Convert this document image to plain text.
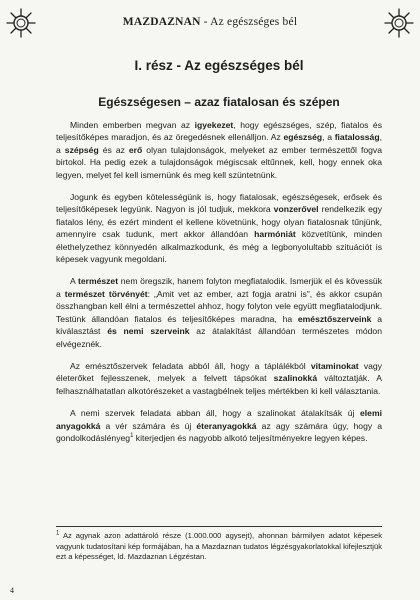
MAZDAZNAN - Az egészséges bél
I. rész - Az egészséges bél
Egészségesen – azaz fiatalosan és szépen

Minden emberben megvan az igyekezet, hogy egészséges, szép, fiatalos és teljesítőképes maradjon, és az öregedésnek ellenálljon. Az egészség, a fiatalosság, a szépség és az erő olyan tulajdonságok, melyeket az ember természettől fogva birtokol. Ha pedig ezek a tulajdonságok mégiscsak eltűnnek, kell, hogy ennek oka legyen, melyet fel kell ismernünk és meg kell szüntetnünk.

Jogunk és egyben kötelességünk is, hogy fiatalosak, egészségesek, erősek és teljesítőképesek legyünk. Nagyon is jól tudjuk, mekkora vonzerővel rendelkezik egy fiatalos lény, és ezért mindent el kellene követnünk, hogy olyan fiatalosnak tűnjünk, amennyire csak tudunk, mert akkor állandóan harmóniát közvetítünk, minden élethelyzethez könnyedén alkalmazkodunk, és még a legbonyolultabb szituációt is képesek vagyunk megoldani.

A természet nem öregszik, hanem folyton megfiatalodik. Ismerjük el és kövessük a természet törvényét: „Amit vet az ember, azt fogja aratni is", és akkor csupán összhangban kell élni a természettel ahhoz, hogy folyton vele együtt megfiatalodjunk. Testünk állandóan fiatalos és teljesítőképes maradna, ha emésztőszerveink a kiválasztást és nemi szerveink az átalakítást állandóan természetes módon elvégeznék.

Az emésztőszervek feladata abból áll, hogy a táplálékból vitaminokat vagy életerőket fejlesszenek, melyek a felvett tápsókat szalinokká változtatják. A felhasználhatatlan alkotórészeket a vastagbélnek teljes mértékben ki kell választania.

A nemi szervek feladata abban áll, hogy a szalinokat átalakítsák új elemi anyagokká a vér számára és új éteranyagokká az agy számára úgy, hogy a gondolkodáslényeg$^1$ kiterjedjen és nagyobb alkotó teljesítményekre legyen képes.

$^1$ Az agynak azon adattároló része (1.000.000 agysejt), ahonnan bármilyen adatot képesek vagyunk tudatosítani kép formájában, ha a Mazdaznan tudatos légzésgyakorlatokkal kifejlesztjük ezt a képességet, ld. Mazdaznan Légzéstan.
4
